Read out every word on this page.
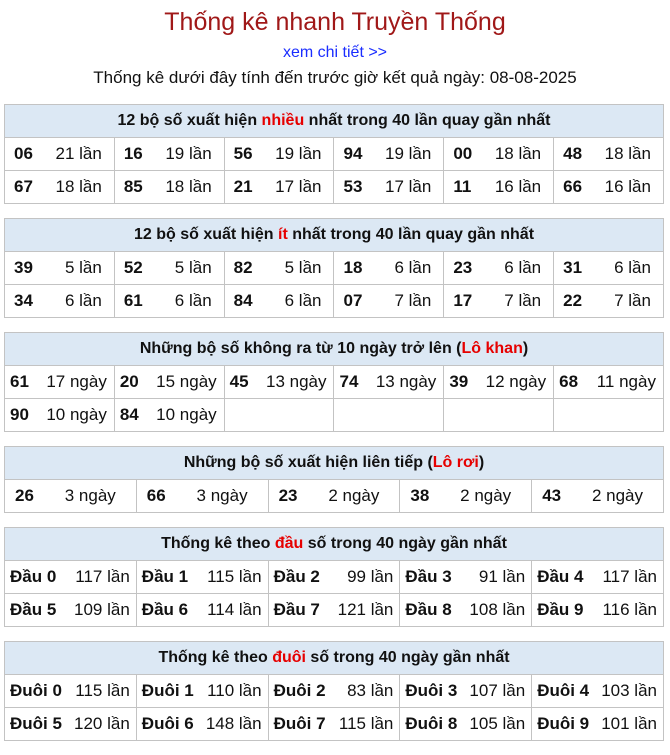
Thống kê nhanh Truyền Thống
xem chi tiết >>
Thống kê dưới đây tính đến trước giờ kết quả ngày: 08-08-2025
12 bộ số xuất hiện nhiều nhất trong 40 lần quay gần nhất
06 21 lần 16 19 lần 56 19 lần 94 19 lần 00 18 lần 48 18 lần
67 18 lần 85 18 lần 21 17 lần 53 17 lần 11 16 lần 66 16 lần
12 bộ số xuất hiện ít nhất trong 40 lần quay gần nhất
39 5 lần 52 5 lần 82 5 lần 18 6 lần 23 6 lần 31 6 lần
34 6 lần 61 6 lần 84 6 lần 07 7 lần 17 7 lần 22 7 lần
Những bộ số không ra từ 10 ngày trở lên (Lô khan)
61 17 ngày 20 15 ngày 45 13 ngày 74 13 ngày 39 12 ngày 68 11 ngày
90 10 ngày 84 10 ngày
Những bộ số xuất hiện liên tiếp (Lô rơi)
26 3 ngày 66 3 ngày 23 2 ngày 38 2 ngày 43 2 ngày
Thống kê theo đầu số trong 40 ngày gần nhất
Đầu 0 117 lần Đầu 1 115 lần Đầu 2 99 lần Đầu 3 91 lần Đầu 4 117 lần
Đầu 5 109 lần Đầu 6 114 lần Đầu 7 121 lần Đầu 8 108 lần Đầu 9 116 lần
Thống kê theo đuôi số trong 40 ngày gần nhất
Đuôi 0 115 lần Đuôi 1 110 lần Đuôi 2 83 lần Đuôi 3 107 lần Đuôi 4 103 lần
Đuôi 5 120 lần Đuôi 6 148 lần Đuôi 7 115 lần Đuôi 8 105 lần Đuôi 9 101 lần
